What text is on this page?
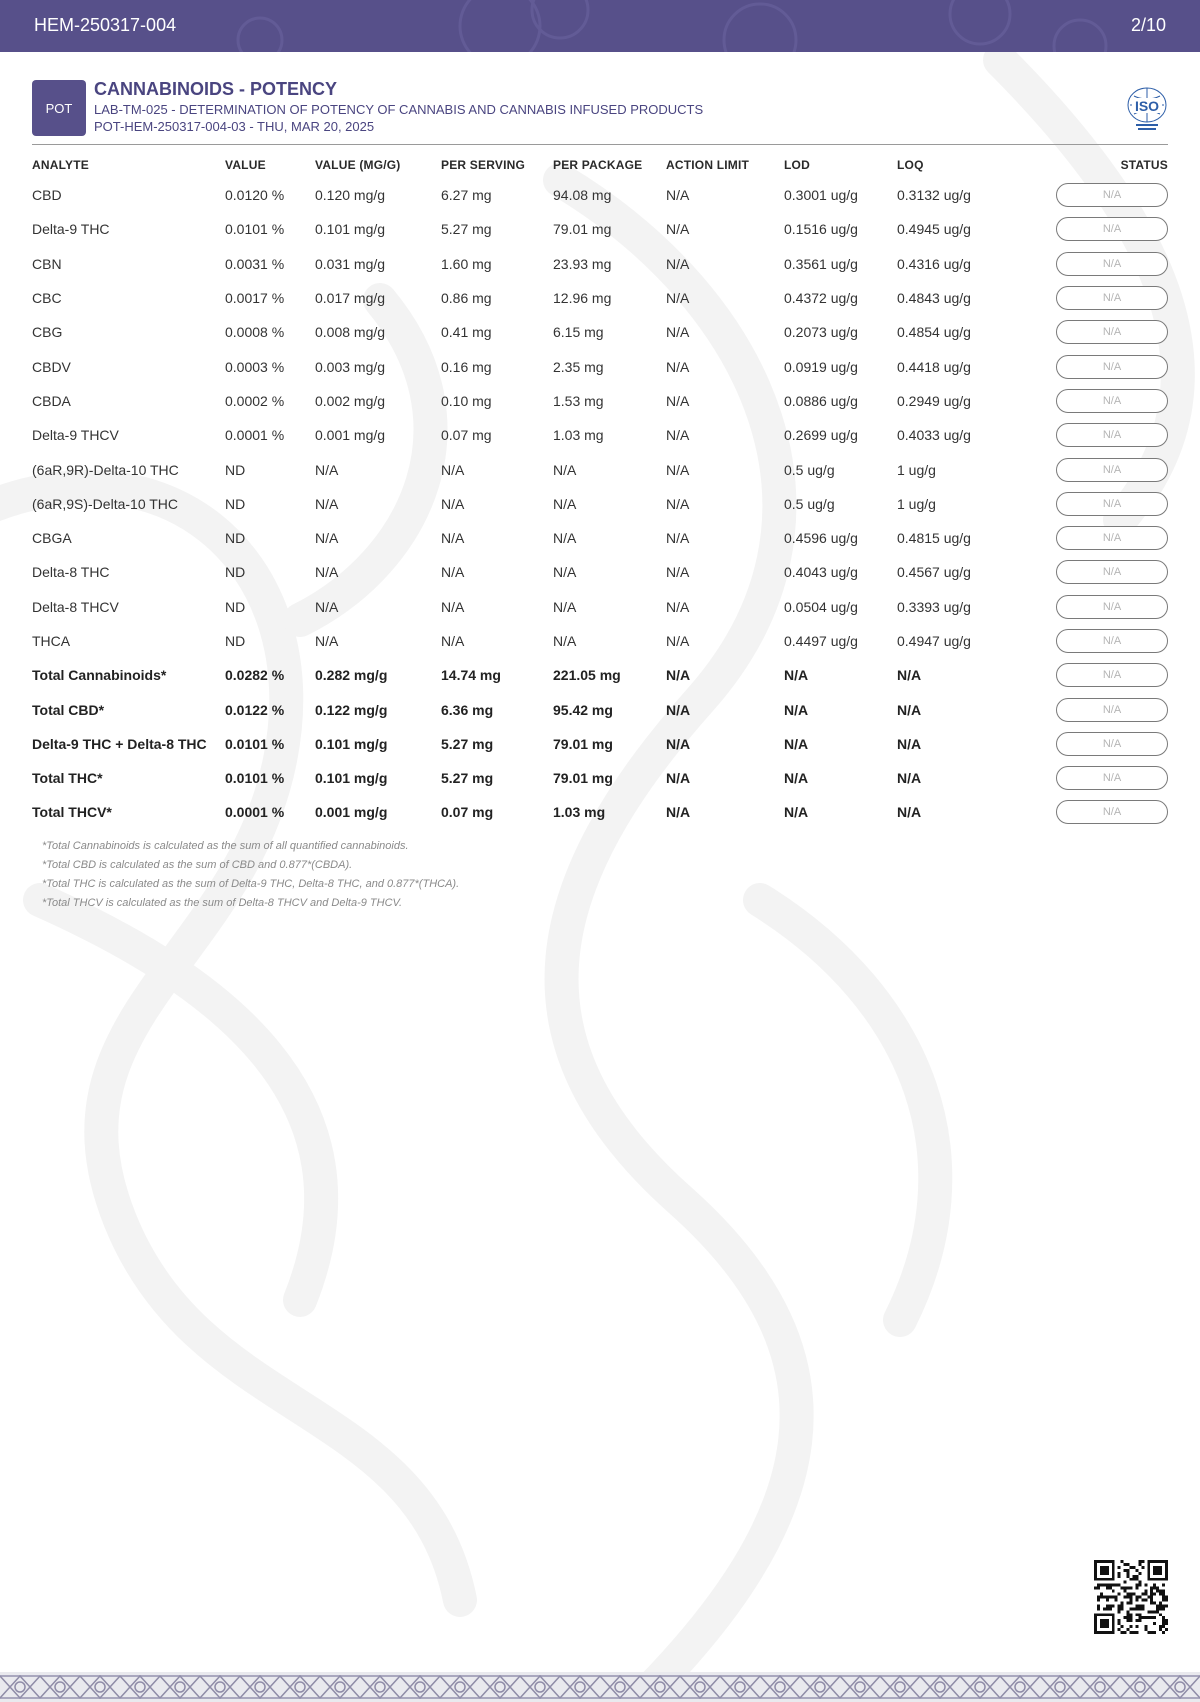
HEM-250317-004	2/10
POT
CANNABINOIDS - POTENCY
LAB-TM-025 - DETERMINATION OF POTENCY OF CANNABIS AND CANNABIS INFUSED PRODUCTS
POT-HEM-250317-004-03 - THU, MAR 20, 2025
ISO
ANALYTE	VALUE	VALUE (MG/G)	PER SERVING	PER PACKAGE	ACTION LIMIT	LOD	LOQ	STATUS
CBD	0.0120 %	0.120 mg/g	6.27 mg	94.08 mg	N/A	0.3001 ug/g	0.3132 ug/g	N/A
Delta-9 THC	0.0101 %	0.101 mg/g	5.27 mg	79.01 mg	N/A	0.1516 ug/g	0.4945 ug/g	N/A
CBN	0.0031 %	0.031 mg/g	1.60 mg	23.93 mg	N/A	0.3561 ug/g	0.4316 ug/g	N/A
CBC	0.0017 %	0.017 mg/g	0.86 mg	12.96 mg	N/A	0.4372 ug/g	0.4843 ug/g	N/A
CBG	0.0008 %	0.008 mg/g	0.41 mg	6.15 mg	N/A	0.2073 ug/g	0.4854 ug/g	N/A
CBDV	0.0003 %	0.003 mg/g	0.16 mg	2.35 mg	N/A	0.0919 ug/g	0.4418 ug/g	N/A
CBDA	0.0002 %	0.002 mg/g	0.10 mg	1.53 mg	N/A	0.0886 ug/g	0.2949 ug/g	N/A
Delta-9 THCV	0.0001 %	0.001 mg/g	0.07 mg	1.03 mg	N/A	0.2699 ug/g	0.4033 ug/g	N/A
(6aR,9R)-Delta-10 THC	ND	N/A	N/A	N/A	N/A	0.5 ug/g	1 ug/g	N/A
(6aR,9S)-Delta-10 THC	ND	N/A	N/A	N/A	N/A	0.5 ug/g	1 ug/g	N/A
CBGA	ND	N/A	N/A	N/A	N/A	0.4596 ug/g	0.4815 ug/g	N/A
Delta-8 THC	ND	N/A	N/A	N/A	N/A	0.4043 ug/g	0.4567 ug/g	N/A
Delta-8 THCV	ND	N/A	N/A	N/A	N/A	0.0504 ug/g	0.3393 ug/g	N/A
THCA	ND	N/A	N/A	N/A	N/A	0.4497 ug/g	0.4947 ug/g	N/A
Total Cannabinoids*	0.0282 %	0.282 mg/g	14.74 mg	221.05 mg	N/A	N/A	N/A	N/A
Total CBD*	0.0122 %	0.122 mg/g	6.36 mg	95.42 mg	N/A	N/A	N/A	N/A
Delta-9 THC + Delta-8 THC	0.0101 %	0.101 mg/g	5.27 mg	79.01 mg	N/A	N/A	N/A	N/A
Total THC*	0.0101 %	0.101 mg/g	5.27 mg	79.01 mg	N/A	N/A	N/A	N/A
Total THCV*	0.0001 %	0.001 mg/g	0.07 mg	1.03 mg	N/A	N/A	N/A	N/A
*Total Cannabinoids is calculated as the sum of all quantified cannabinoids.
*Total CBD is calculated as the sum of CBD and 0.877*(CBDA).
*Total THC is calculated as the sum of Delta-9 THC, Delta-8 THC, and 0.877*(THCA).
*Total THCV is calculated as the sum of Delta-8 THCV and Delta-9 THCV.
